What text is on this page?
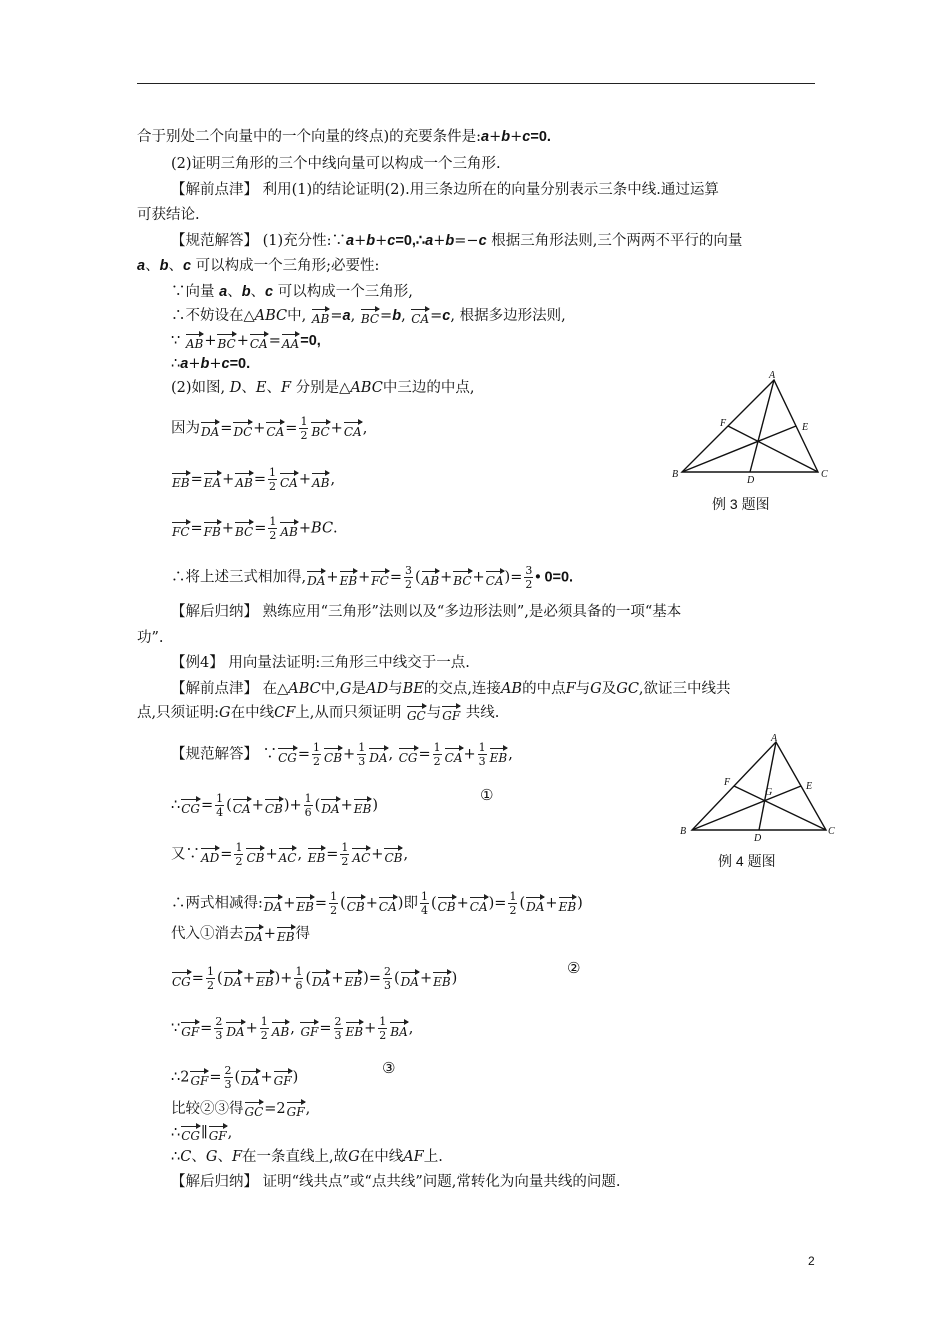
合于别处二个向量中的一个向量的终点)的充要条件是:a+b+c=0.
(2)证明三角形的三个中线向量可以构成一个三角形.
【解前点津】 利用(1)的结论证明(2).用三条边所在的向量分别表示三条中线.通过运算
可获结论.
【规范解答】 (1)充分性:∵a+b+c=0,∴a+b=−c 根据三角形法则,三个两两不平行的向量
a、b、c 可以构成一个三角形;必要性:
∵向量 a、b、c 可以构成一个三角形,
∴不妨设在△ABC中, AB=a, BC=b, CA=c, 根据多边形法则,
∵ AB+BC+CA=AA=0,
∴a+b+c=0.
(2)如图, D、E、F 分别是△ABC中三边的中点,
因为$DA=DC+CA= \frac{1}{2} BC+CA$,
$EB=EA+AB= \frac{1}{2} CA+AB$,
$FC=FB+BC= \frac{1}{2} AB+BC$.
∴将上述三式相加得$,DA+EB+FC= \frac{3}{2} (AB+BC+CA)= \frac{3}{2}$ • 0=0.
【解后归纳】 熟练应用“三角形”法则以及“多边形法则”,是必须具备的一项“基本
功”.
【例4】 用向量法证明:三角形三中线交于一点.
【解前点津】 在△ABC中,G是AD与BE的交点,连接AB的中点F与G及GC,欲证三中线共
点,只须证明:G在中线CF上,从而只须证明 GC与GF 共线.
【规范解答】 ∵CG= $\frac{1}{2} CB+ \frac{1}{3}$ DA, $CG= \frac{1}{2} CA+ \frac{1}{3}$ EB,
∴CG= $\frac{1}{4} (CA+CB)+ \frac{1}{6} (DA+EB)$
①
又∵AD= $\frac{1}{2} CB+AC$, $EB= \frac{1}{2} AC+CB$,
∴两式相减得:DA+EB= $\frac{1}{2} (CB+CA)$即 $\frac{1}{4} (CB+CA)= \frac{1}{2} (DA+EB)$
代入①消去DA+EB得
$CG= \frac{1}{2} (DA+EB)+ \frac{1}{6} (DA+EB)= \frac{2}{3} (DA+EB)$
②
∵GF= $\frac{2}{3} DA+ \frac{1}{2}$ AB, $GF= \frac{2}{3} EB+ \frac{1}{2}$ BA,
∴2GF= $\frac{2}{3} (DA+GF)$
③
比较②③得GC=2GF,
∴CG∥GF,
∴C、G、F在一条直线上,故G在中线AF上.
【解后归纳】 证明“线共点”或“点共线”问题,常转化为向量共线的问题.
A
B	C
D
E
F
例 3 题图
A
B	C
D
E
F
G
例 4 题图
2
